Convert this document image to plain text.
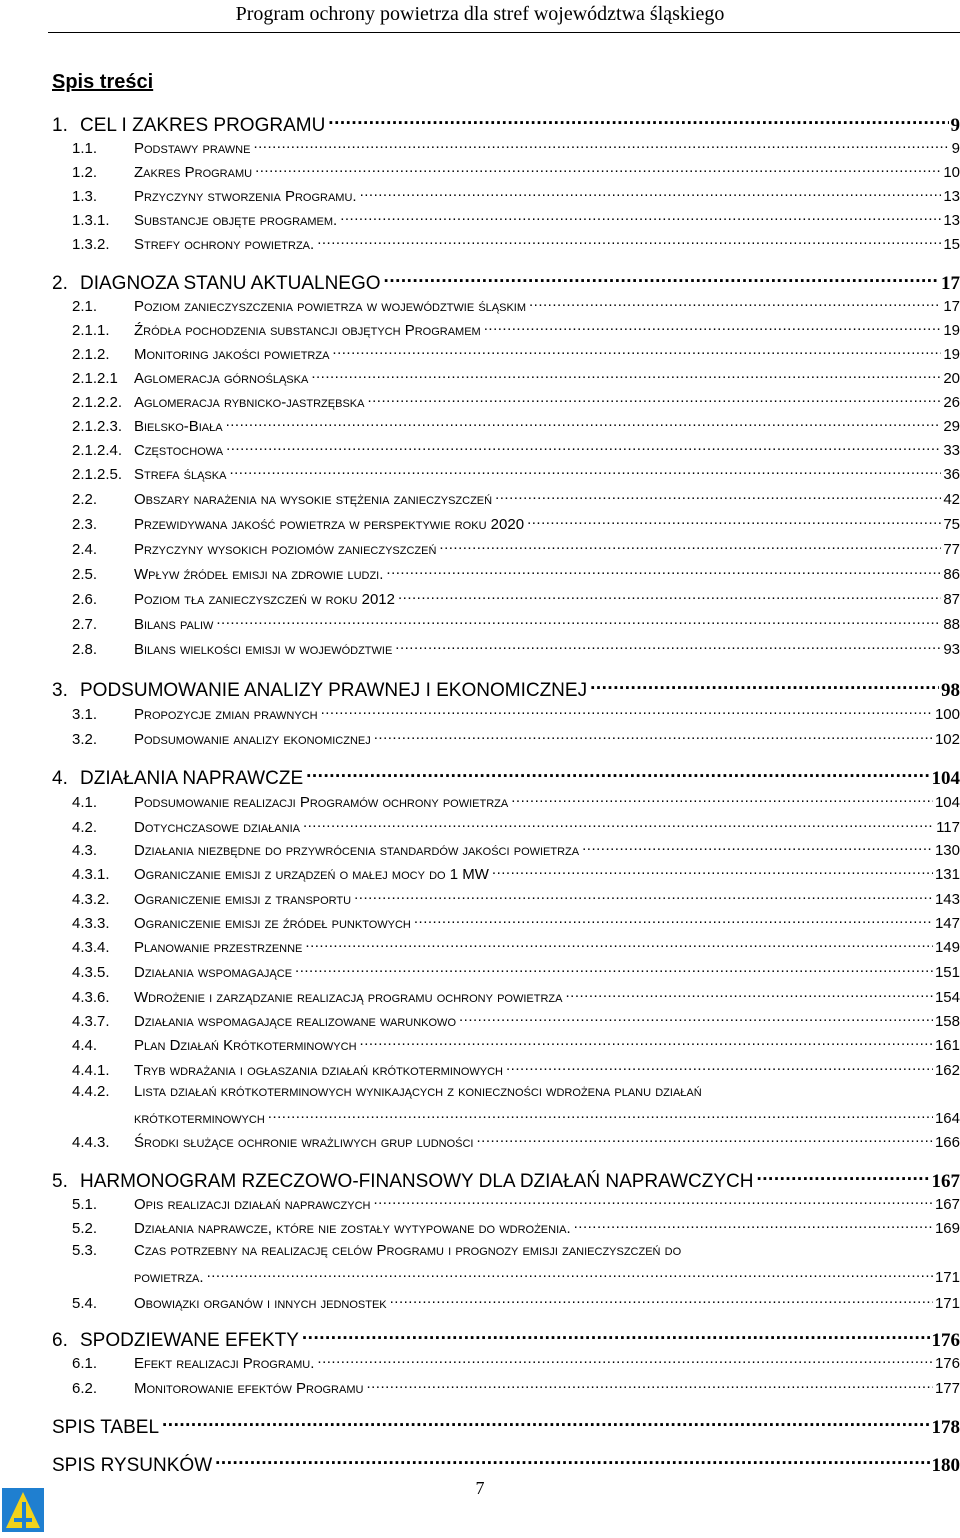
Program ochrony powietrza dla stref województwa śląskiego
Spis treści
1. CEL I ZAKRES PROGRAMU .....	9
1.1.	Podstawy prawne .....	9
1.2.	Zakres Programu .....	10
1.3.	Przyczyny stworzenia Programu. .....	13
1.3.1.	Substancje objęte programem. .....	13
1.3.2.	Strefy ochrony powietrza. .....	15
2. DIAGNOZA STANU AKTUALNEGO .....	17
2.1.	Poziom zanieczyszczenia powietrza w województwie śląskim .....	17
2.1.1.	Źródła pochodzenia substancji objętych Programem .....	19
2.1.2.	Monitoring jakości powietrza .....	19
2.1.2.1	Aglomeracja górnośląska .....	20
2.1.2.2. Aglomeracja rybnicko-jastrzębska .....	26
2.1.2.3. Bielsko-Biała .....	29
2.1.2.4. Częstochowa .....	33
2.1.2.5. Strefa śląska .....	36
2.2.	Obszary narażenia na wysokie stężenia zanieczyszczeń .....	42
2.3.	Przewidywana jakość powietrza w perspektywie roku 2020 .....	75
2.4.	Przyczyny wysokich poziomów zanieczyszczeń .....	77
2.5.	Wpływ źródeł emisji na zdrowie ludzi. .....	86
2.6.	Poziom tła zanieczyszczeń w roku 2012 .....	87
2.7.	Bilans paliw .....	88
2.8.	Bilans wielkości emisji w województwie .....	93
3. PODSUMOWANIE ANALIZY PRAWNEJ I EKONOMICZNEJ .....	98
3.1.	Propozycje zmian prawnych .....	100
3.2.	Podsumowanie analizy ekonomicznej .....	102
4. DZIAŁANIA NAPRAWCZE .....	104
4.1.	Podsumowanie realizacji Programów ochrony powietrza .....	104
4.2.	Dotychczasowe działania .....	117
4.3.	Działania niezbędne do przywrócenia standardów jakości powietrza .....	130
4.3.1.	Ograniczanie emisji z urządzeń o małej mocy do 1 MW .....	131
4.3.2.	Ograniczenie emisji z transportu .....	143
4.3.3.	Ograniczenie emisji ze źródeł punktowych .....	147
4.3.4.	Planowanie przestrzenne .....	149
4.3.5.	Działania wspomagające .....	151
4.3.6.	Wdrożenie i zarządzanie realizacją programu ochrony powietrza .....	154
4.3.7.	Działania wspomagające realizowane warunkowo .....	158
4.4.	Plan Działań Krótkoterminowych .....	161
4.4.1.	Tryb wdrażania i ogłaszania działań krótkoterminowych .....	162
4.4.2.	Lista działań krótkoterminowych wynikających z konieczności wdrożena planu działań
krótkoterminowych .....	164
4.4.3.	Środki służące ochronie wrażliwych grup ludności .....	166
5. HARMONOGRAM RZECZOWO-FINANSOWY DLA DZIAŁAŃ NAPRAWCZYCH .....	167
5.1.	Opis realizacji działań naprawczych .....	167
5.2.	Działania naprawcze, które nie zostały wytypowane do wdrożenia. .....	169
5.3.	Czas potrzebny na realizację celów Programu i prognozy emisji zanieczyszczeń do
powietrza. .....	171
5.4.	Obowiązki organów i innych jednostek .....	171
6. SPODZIEWANE EFEKTY .....	176
6.1.	Efekt realizacji Programu. .....	176
6.2.	Monitorowanie efektów Programu .....	177
SPIS TABEL .....	178
SPIS RYSUNKÓW .....	180
7
